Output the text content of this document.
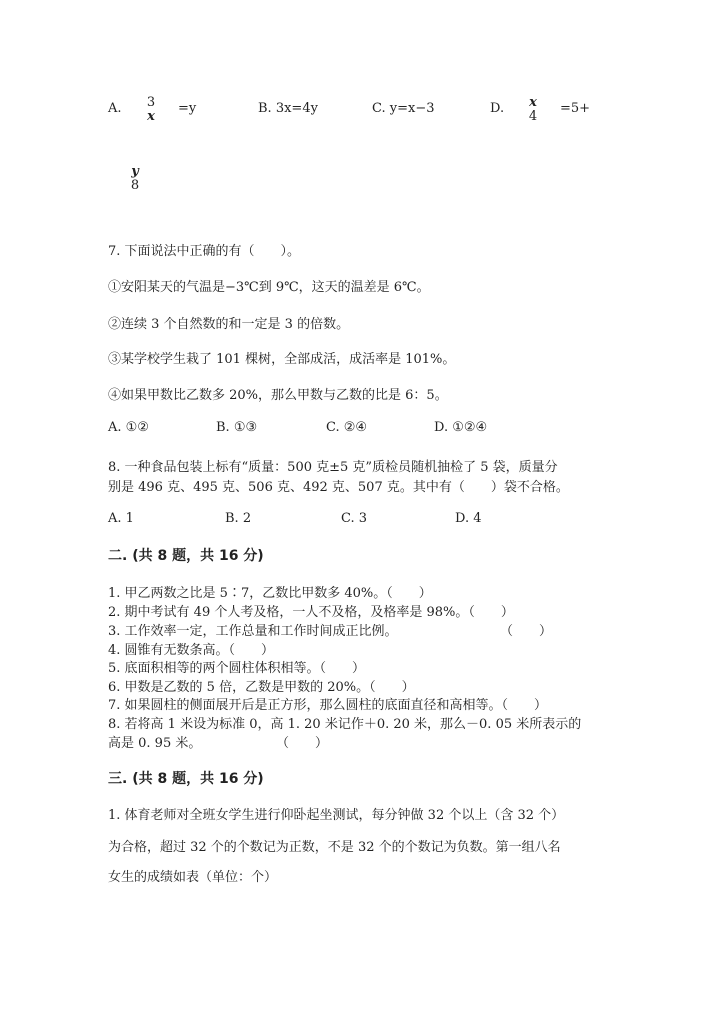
A.	3
x
=y	B. 3x=4y	C. y=x−3	D.	x
4
=5+
y
8
7. 下面说法中正确的有（　　）。
①安阳某天的气温是−3℃到 9℃，这天的温差是 6℃。
②连续 3 个自然数的和一定是 3 的倍数。
③某学校学生栽了 101 棵树，全部成活，成活率是 101%。
④如果甲数比乙数多 20%，那么甲数与乙数的比是 6：5。
A. ①②	B. ①③	C. ②④	D. ①②④
8. 一种食品包装上标有“质量：500 克±5 克”质检员随机抽检了 5 袋，质量分
别是 496 克、495 克、506 克、492 克、507 克。其中有（　　）袋不合格。
A. 1	B. 2	C. 3	D. 4
二. (共 8 题，共 16 分)
1. 甲乙两数之比是 5∶7，乙数比甲数多 40%。（　　）
2. 期中考试有 49 个人考及格，一人不及格，及格率是 98%。（　　）
3. 工作效率一定，工作总量和工作时间成正比例。	（　　）
4. 圆锥有无数条高。（　　）
5. 底面积相等的两个圆柱体积相等。（　　）
6. 甲数是乙数的 5 倍，乙数是甲数的 20%。（　　）
7. 如果圆柱的侧面展开后是正方形，那么圆柱的底面直径和高相等。（　　）
8. 若将高 1 米设为标准 0，高 1. 20 米记作＋0. 20 米，那么－0. 05 米所表示的
高是 0. 95 米。	（　　）
三. (共 8 题，共 16 分)
1. 体育老师对全班女学生进行仰卧起坐测试，每分钟做 32 个以上（含 32 个）
为合格，超过 32 个的个数记为正数，不是 32 个的个数记为负数。第一组八名
女生的成绩如表（单位：个）
